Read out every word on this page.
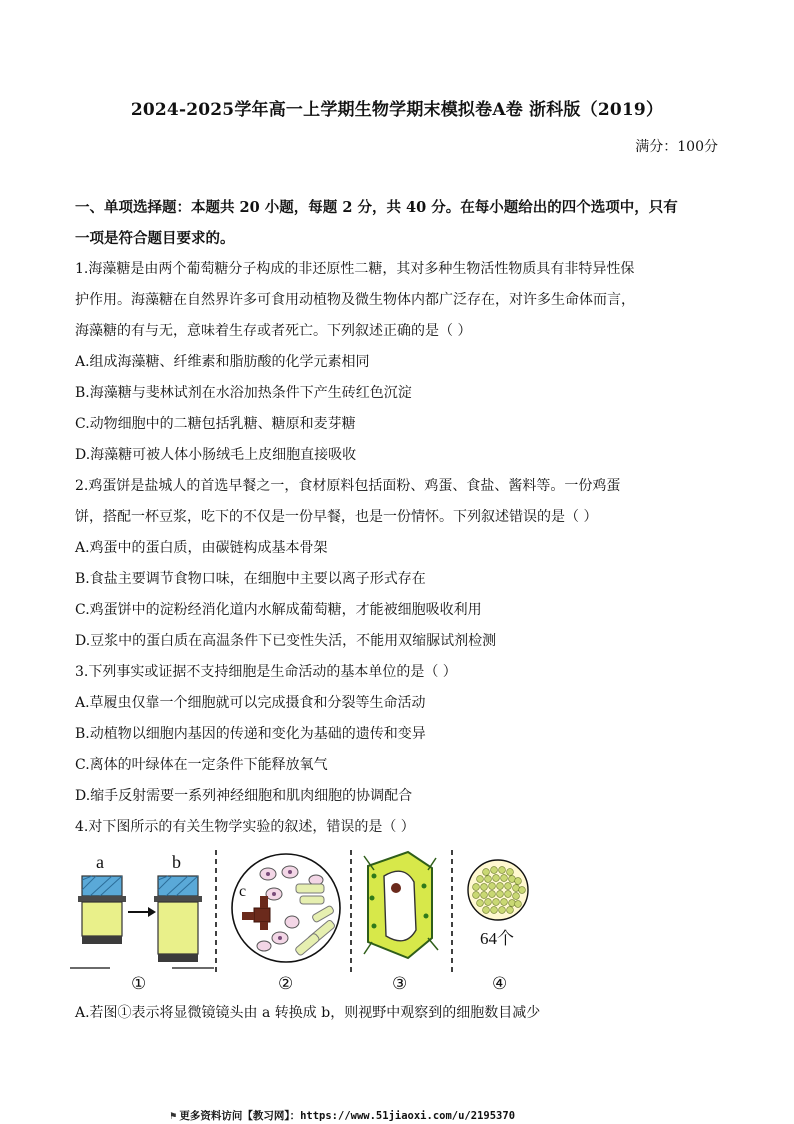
2024-2025学年高一上学期生物学期末模拟卷A卷 浙科版（2019）
满分：100分
一、单项选择题：本题共 20 小题，每题 2 分，共 40 分。在每小题给出的四个选项中，只有
一项是符合题目要求的。
1.海藻糖是由两个葡萄糖分子构成的非还原性二糖，其对多种生物活性物质具有非特异性保
护作用。海藻糖在自然界许多可食用动植物及微生物体内都广泛存在，对许多生命体而言，
海藻糖的有与无，意味着生存或者死亡。下列叙述正确的是（ ）
A.组成海藻糖、纤维素和脂肪酸的化学元素相同
B.海藻糖与斐林试剂在水浴加热条件下产生砖红色沉淀
C.动物细胞中的二糖包括乳糖、糖原和麦芽糖
D.海藻糖可被人体小肠绒毛上皮细胞直接吸收
2.鸡蛋饼是盐城人的首选早餐之一，食材原料包括面粉、鸡蛋、食盐、酱料等。一份鸡蛋
饼，搭配一杯豆浆，吃下的不仅是一份早餐，也是一份情怀。下列叙述错误的是（ ）
A.鸡蛋中的蛋白质，由碳链构成基本骨架
B.食盐主要调节食物口味，在细胞中主要以离子形式存在
C.鸡蛋饼中的淀粉经消化道内水解成葡萄糖，才能被细胞吸收利用
D.豆浆中的蛋白质在高温条件下已变性失活，不能用双缩脲试剂检测
3.下列事实或证据不支持细胞是生命活动的基本单位的是（ ）
A.草履虫仅靠一个细胞就可以完成摄食和分裂等生命活动
B.动植物以细胞内基因的传递和变化为基础的遗传和变异
C.离体的叶绿体在一定条件下能释放氧气
D.缩手反射需要一系列神经细胞和肌肉细胞的协调配合
4.对下图所示的有关生物学实验的叙述，错误的是（ ）
a	b
①
c
②	③
64个
④
A.若图①表示将显微镜镜头由 a 转换成 b，则视野中观察到的细胞数目减少
⚑ 更多资料访问【教习网】：https://www.51jiaoxi.com/u/2195370
